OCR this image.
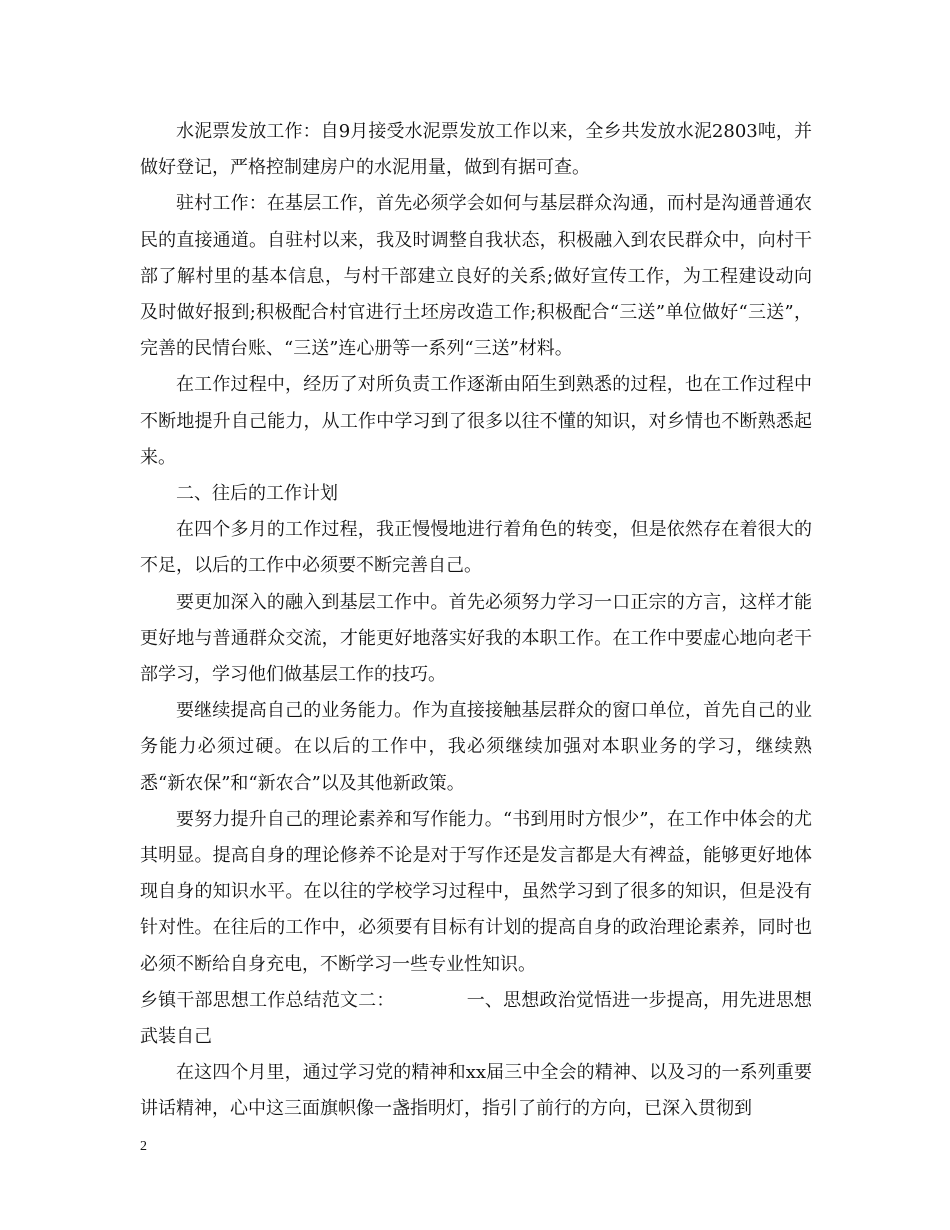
水泥票发放工作：自9月接受水泥票发放工作以来，全乡共发放水泥2803吨，并做好登记，严格控制建房户的水泥用量，做到有据可查。

驻村工作：在基层工作，首先必须学会如何与基层群众沟通，而村是沟通普通农民的直接通道。自驻村以来，我及时调整自我状态，积极融入到农民群众中，向村干部了解村里的基本信息，与村干部建立良好的关系;做好宣传工作，为工程建设动向及时做好报到;积极配合村官进行土坯房改造工作;积极配合“三送”单位做好“三送”，完善的民情台账、“三送”连心册等一系列“三送”材料。

在工作过程中，经历了对所负责工作逐渐由陌生到熟悉的过程，也在工作过程中不断地提升自己能力，从工作中学习到了很多以往不懂的知识，对乡情也不断熟悉起来。

二、往后的工作计划

在四个多月的工作过程，我正慢慢地进行着角色的转变，但是依然存在着很大的不足，以后的工作中必须要不断完善自己。

要更加深入的融入到基层工作中。首先必须努力学习一口正宗的方言，这样才能更好地与普通群众交流，才能更好地落实好我的本职工作。在工作中要虚心地向老干部学习，学习他们做基层工作的技巧。

要继续提高自己的业务能力。作为直接接触基层群众的窗口单位，首先自己的业务能力必须过硬。在以后的工作中，我必须继续加强对本职业务的学习，继续熟悉“新农保”和“新农合”以及其他新政策。

要努力提升自己的理论素养和写作能力。“书到用时方恨少”，在工作中体会的尤其明显。提高自身的理论修养不论是对于写作还是发言都是大有裨益，能够更好地体现自身的知识水平。在以往的学校学习过程中，虽然学习到了很多的知识，但是没有针对性。在往后的工作中，必须要有目标有计划的提高自身的政治理论素养，同时也必须不断给自身充电，不断学习一些专业性知识。

乡镇干部思想工作总结范文二：	一、思想政治觉悟进一步提高，用先进思想武装自己

在这四个月里，通过学习党的精神和xx届三中全会的精神、以及习的一系列重要讲话精神，心中这三面旗帜像一盏指明灯，指引了前行的方向，已深入贯彻到

2
